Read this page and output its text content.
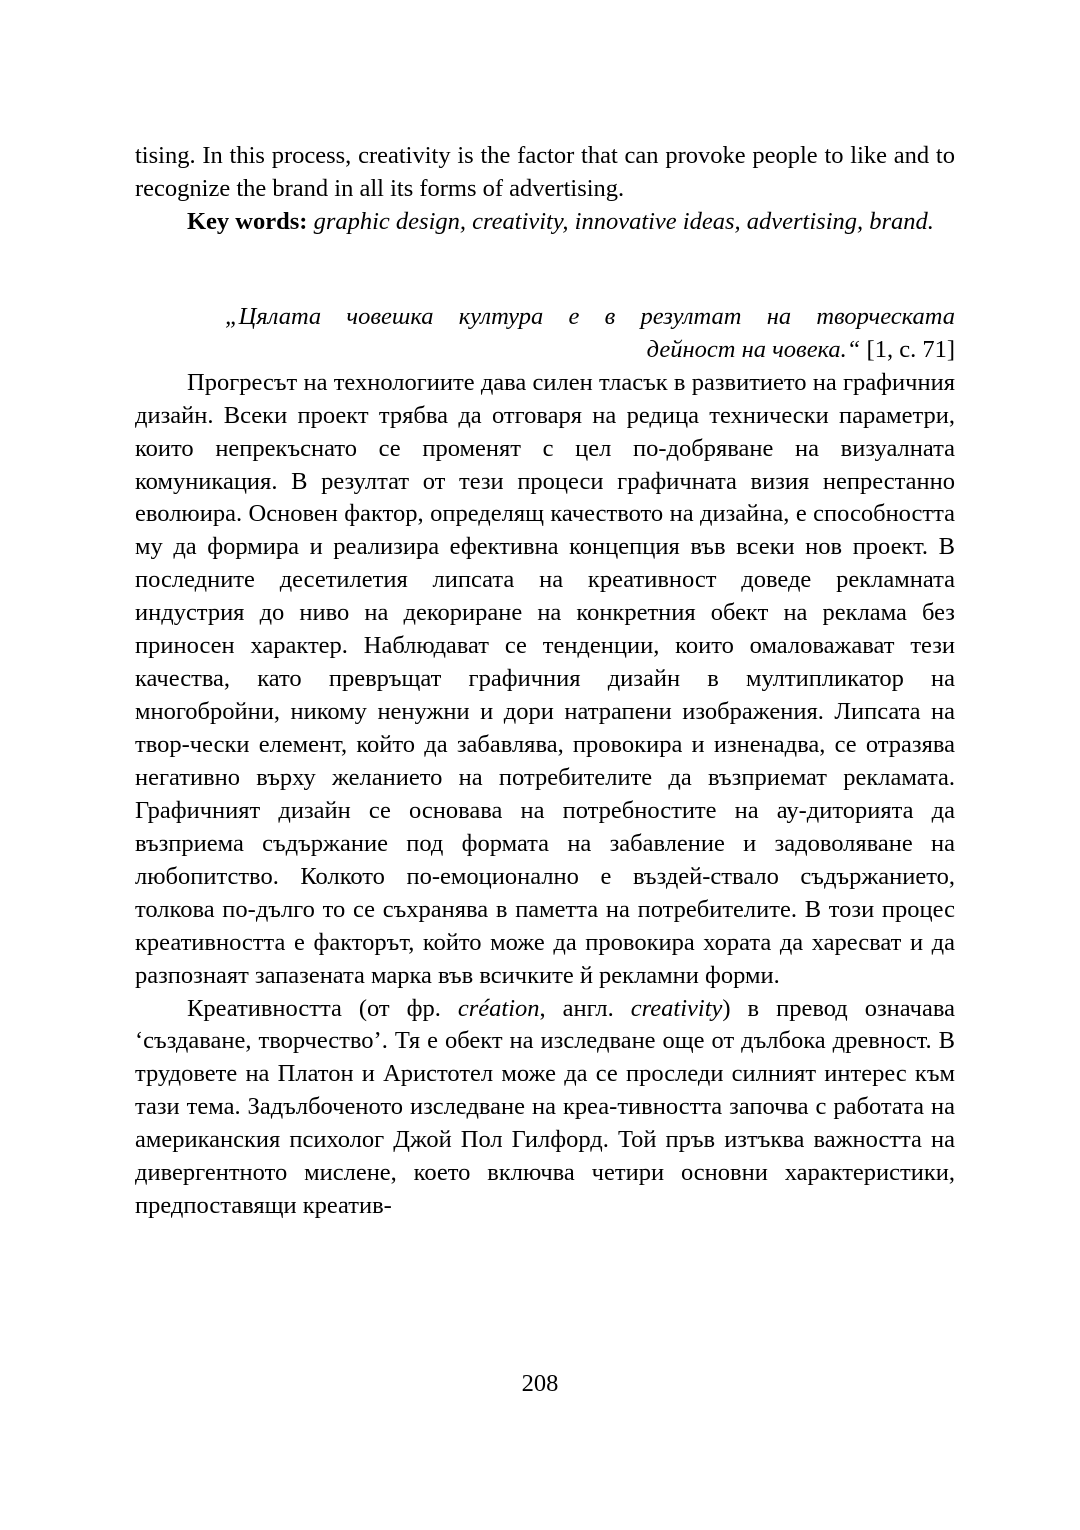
tising. In this process, creativity is the factor that can provoke people to like and to recognize the brand in all its forms of advertising.

Key words: graphic design, creativity, innovative ideas, advertising, brand.

„Цялата човешка култура е в резултат на творческата
дейност на човека.“ [1, с. 71]

Прогресът на технологиите дава силен тласък в развитието на графичния дизайн. Всеки проект трябва да отговаря на редица технически параметри, които непрекъснато се променят с цел по-добряване на визуалната комуникация. В резултат от тези процеси графичната визия непрестанно еволюира. Основен фактор, определящ качеството на дизайна, е способността му да формира и реализира ефективна концепция във всеки нов проект. В последните десетилетия липсата на креативност доведе рекламната индустрия до ниво на декориране на конкретния обект на реклама без приносен характер. Наблюдават се тенденции, които омаловажават тези качества, като превръщат графичния дизайн в мултипликатор на многобройни, никому ненужни и дори натрапени изображения. Липсата на твор-чески елемент, който да забавлява, провокира и изненадва, се отразява негативно върху желанието на потребителите да възприемат рекламата. Графичният дизайн се основава на потребностите на ау-диторията да възприема съдържание под формата на забавление и задоволяване на любопитство. Колкото по-емоционално е въздей-ствало съдържанието, толкова по-дълго то се съхранява в паметта на потребителите. В този процес креативността е факторът, който може да провокира хората да харесват и да разпознаят запазената марка във всичките й рекламни форми.

Креативността (от фр. création, англ. creativity) в превод означава ‘създаване, творчество’. Тя е обект на изследване още от дълбока древност. В трудовете на Платон и Аристотел може да се проследи силният интерес към тази тема. Задълбоченото изследване на креа-тивността започва с работата на американския психолог Джой Пол Гилфорд. Той пръв изтъква важността на дивергентното мислене, което включва четири основни характеристики, предпоставящи креатив-

208
